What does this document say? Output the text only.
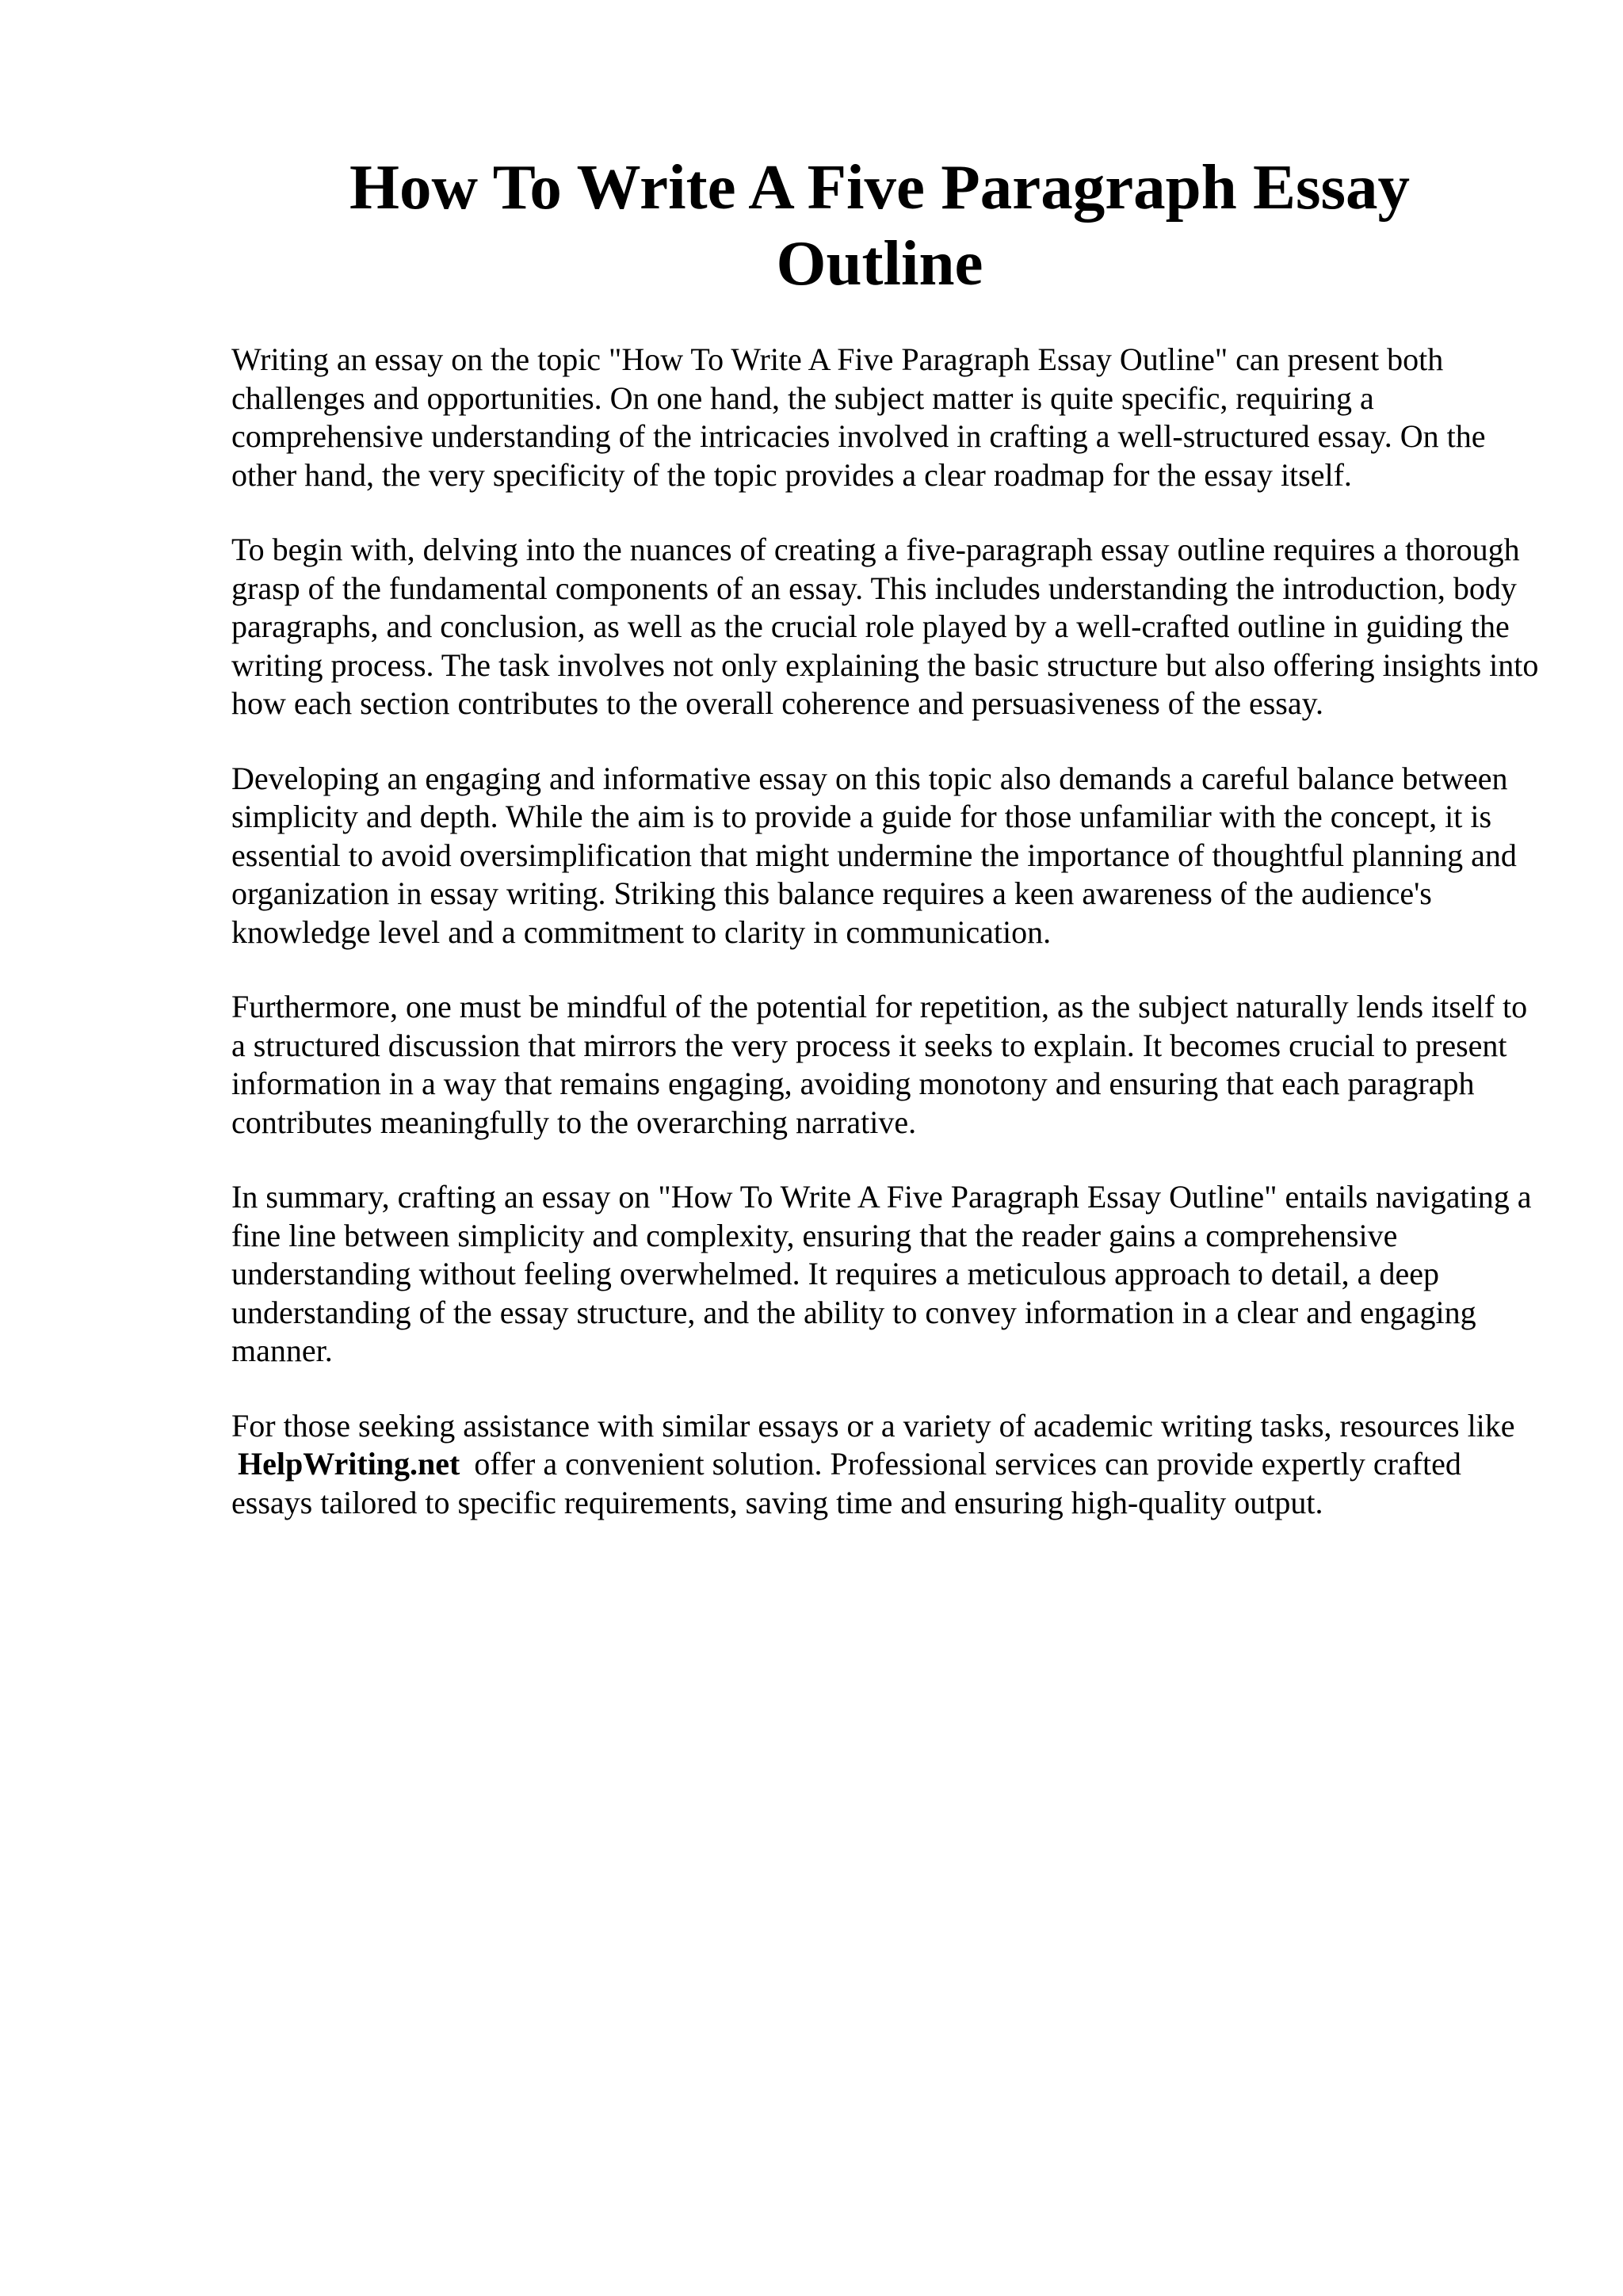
How To Write A Five Paragraph Essay
Outline

Writing an essay on the topic "How To Write A Five Paragraph Essay Outline" can present both challenges and opportunities. On one hand, the subject matter is quite specific, requiring a comprehensive understanding of the intricacies involved in crafting a well-structured essay. On the other hand, the very specificity of the topic provides a clear roadmap for the essay itself.

To begin with, delving into the nuances of creating a five-paragraph essay outline requires a thorough grasp of the fundamental components of an essay. This includes understanding the introduction, body paragraphs, and conclusion, as well as the crucial role played by a well-crafted outline in guiding the writing process. The task involves not only explaining the basic structure but also offering insights into how each section contributes to the overall coherence and persuasiveness of the essay.

Developing an engaging and informative essay on this topic also demands a careful balance between simplicity and depth. While the aim is to provide a guide for those unfamiliar with the concept, it is essential to avoid oversimplification that might undermine the importance of thoughtful planning and organization in essay writing. Striking this balance requires a keen awareness of the audience's knowledge level and a commitment to clarity in communication.

Furthermore, one must be mindful of the potential for repetition, as the subject naturally lends itself to a structured discussion that mirrors the very process it seeks to explain. It becomes crucial to present information in a way that remains engaging, avoiding monotony and ensuring that each paragraph contributes meaningfully to the overarching narrative.

In summary, crafting an essay on "How To Write A Five Paragraph Essay Outline" entails navigating a fine line between simplicity and complexity, ensuring that the reader gains a comprehensive understanding without feeling overwhelmed. It requires a meticulous approach to detail, a deep understanding of the essay structure, and the ability to convey information in a clear and engaging manner.

For those seeking assistance with similar essays or a variety of academic writing tasks, resources like HelpWriting.net offer a convenient solution. Professional services can provide expertly crafted essays tailored to specific requirements, saving time and ensuring high-quality output.
